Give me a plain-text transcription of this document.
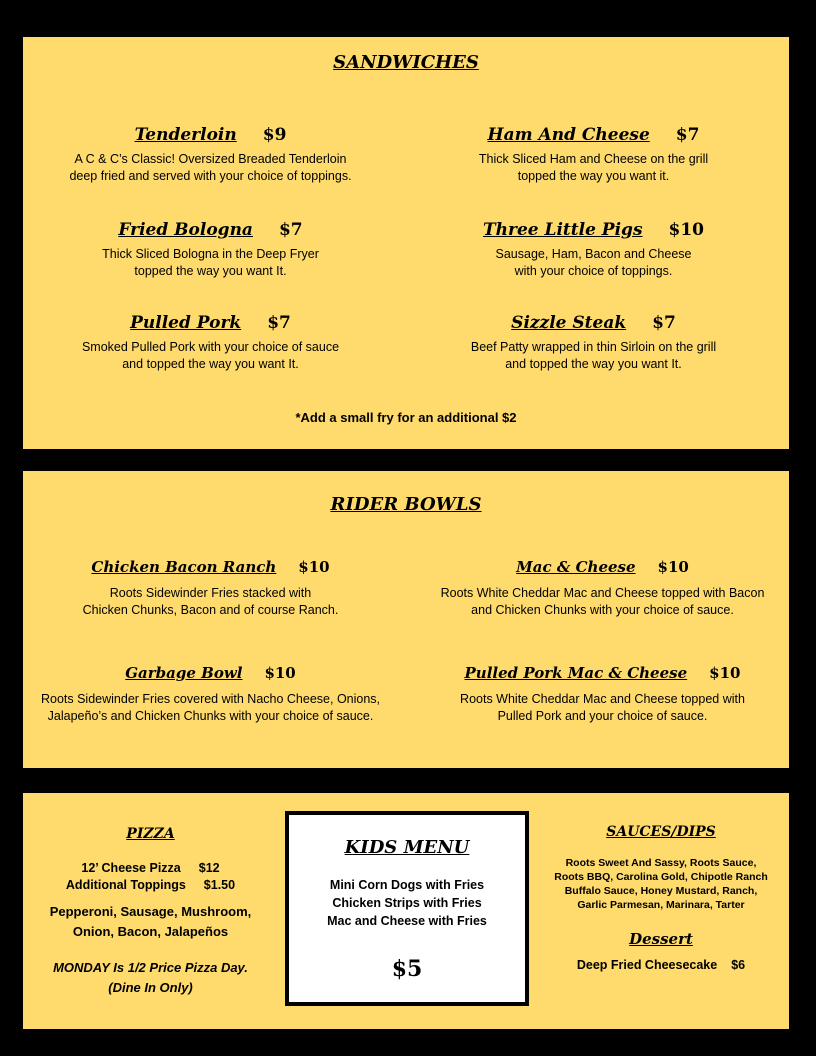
SANDWICHES
Tenderloin $9
A C & C’s Classic! Oversized Breaded Tenderloin
deep fried and served with your choice of toppings.
Ham And Cheese $7
Thick Sliced Ham and Cheese on the grill
topped the way you want it.
Fried Bologna $7
Thick Sliced Bologna in the Deep Fryer
topped the way you want It.
Three Little Pigs $10
Sausage, Ham, Bacon and Cheese
with your choice of toppings.
Pulled Pork $7
Smoked Pulled Pork with your choice of sauce
and topped the way you want It.
Sizzle Steak $7
Beef Patty wrapped in thin Sirloin on the grill
and topped the way you want It.
*Add a small fry for an additional $2
RIDER BOWLS
Chicken Bacon Ranch $10
Roots Sidewinder Fries stacked with
Chicken Chunks, Bacon and of course Ranch.
Mac & Cheese $10
Roots White Cheddar Mac and Cheese topped with Bacon
and Chicken Chunks with your choice of sauce.
Garbage Bowl $10
Roots Sidewinder Fries covered with Nacho Cheese, Onions,
Jalapeño’s and Chicken Chunks with your choice of sauce.
Pulled Pork Mac & Cheese $10
Roots White Cheddar Mac and Cheese topped with
Pulled Pork and your choice of sauce.
PIZZA
12’ Cheese Pizza $12
Additional Toppings $1.50
Pepperoni, Sausage, Mushroom,
Onion, Bacon, Jalapeños
MONDAY Is 1/2 Price Pizza Day.
(Dine In Only)
SAUCES/DIPS
Roots Sweet And Sassy, Roots Sauce,
Roots BBQ, Carolina Gold, Chipotle Ranch
Buffalo Sauce, Honey Mustard, Ranch,
Garlic Parmesan, Marinara, Tarter
Dessert
Deep Fried Cheesecake $6
KIDS MENU
Mini Corn Dogs with Fries
Chicken Strips with Fries
Mac and Cheese with Fries
$5
